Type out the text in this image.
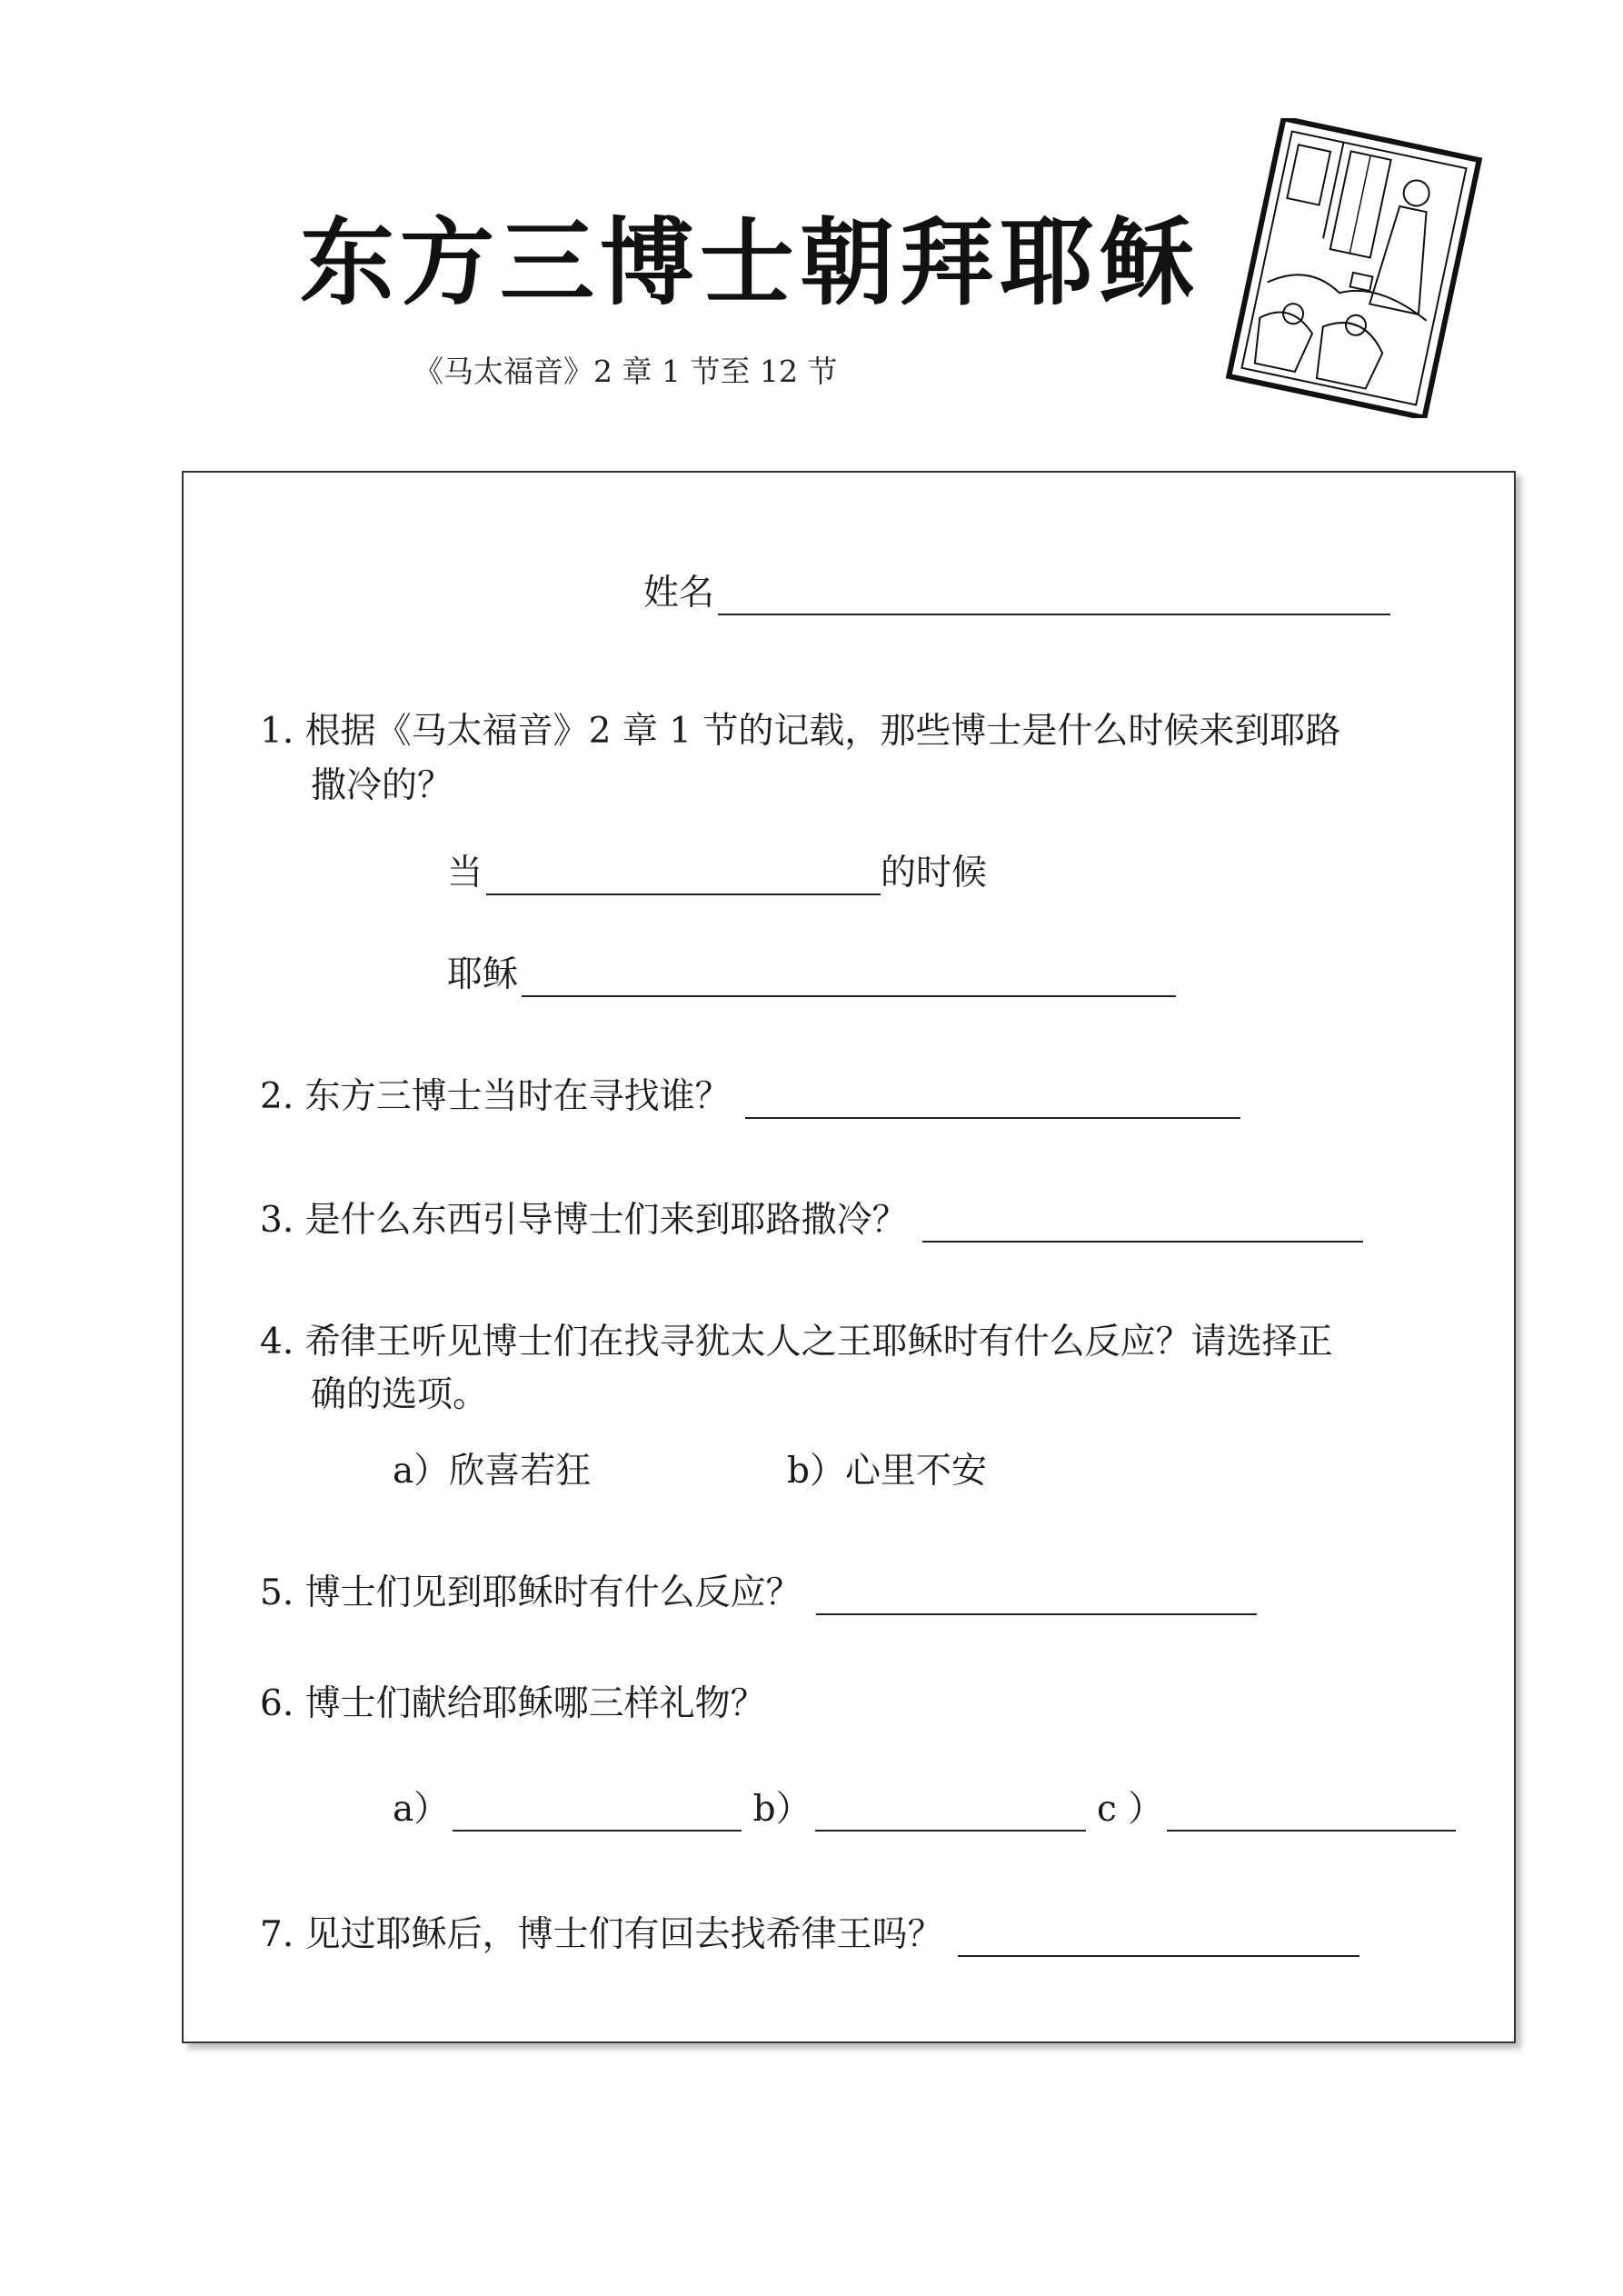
东方三博士朝拜耶稣
《马太福音》2 章 1 节至 12 节
姓名
1. 根据《马太福音》2 章 1 节的记载，那些博士是什么时候来到耶路
撒冷的？
当	的时候
耶稣
2. 东方三博士当时在寻找谁？
3. 是什么东西引导博士们来到耶路撒冷？
4. 希律王听见博士们在找寻犹太人之王耶稣时有什么反应？请选择正
确的选项。
a）欣喜若狂	b）心里不安
5. 博士们见到耶稣时有什么反应？
6. 博士们献给耶稣哪三样礼物？
a）	b）	c ）
7. 见过耶稣后，博士们有回去找希律王吗？
